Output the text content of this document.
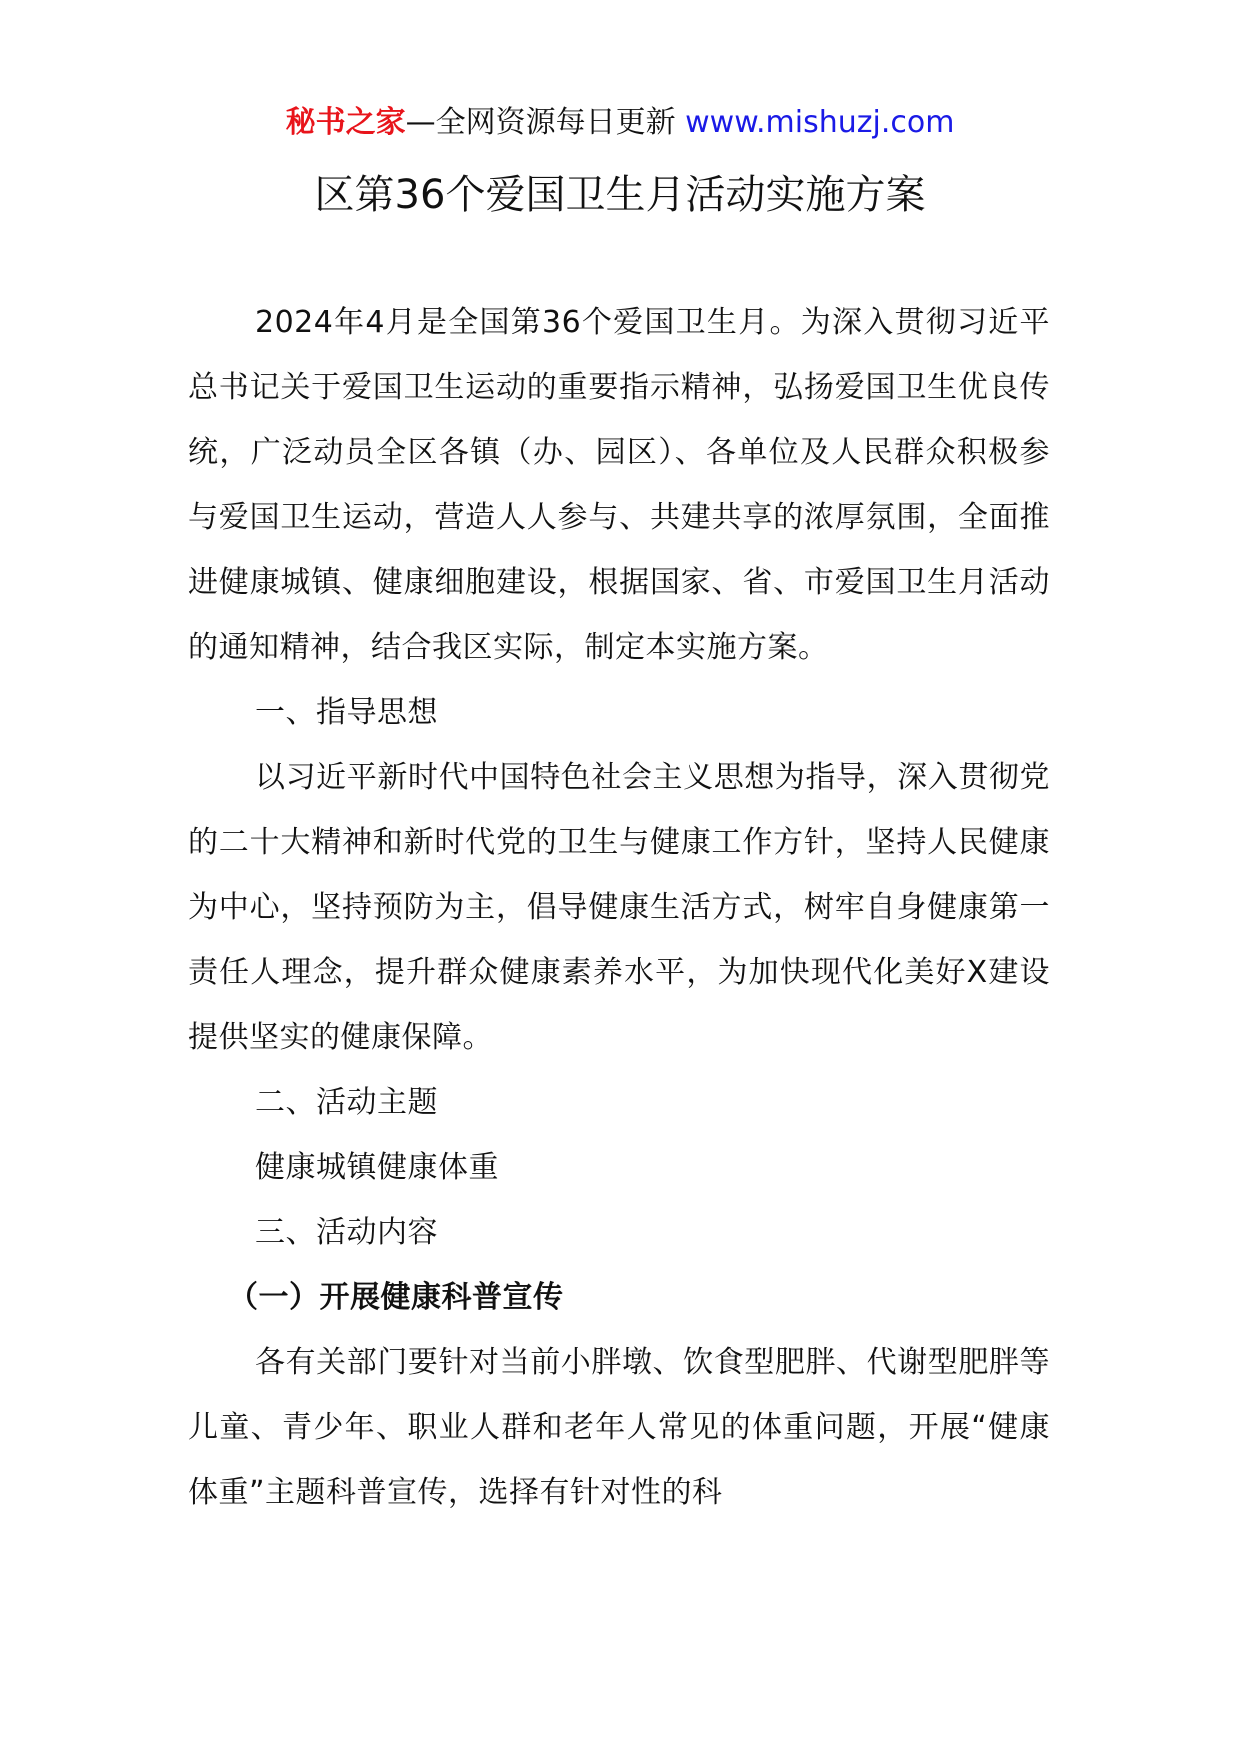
秘书之家—全网资源每日更新 www.mishuzj.com
区第36个爱国卫生月活动实施方案

2024年4月是全国第36个爱国卫生月。为深入贯彻习近平总书记关于爱国卫生运动的重要指示精神，弘扬爱国卫生优良传统，广泛动员全区各镇（办、园区）、各单位及人民群众积极参与爱国卫生运动，营造人人参与、共建共享的浓厚氛围，全面推进健康城镇、健康细胞建设，根据国家、省、市爱国卫生月活动的通知精神，结合我区实际，制定本实施方案。

一、指导思想

以习近平新时代中国特色社会主义思想为指导，深入贯彻党的二十大精神和新时代党的卫生与健康工作方针，坚持人民健康为中心，坚持预防为主，倡导健康生活方式，树牢自身健康第一责任人理念，提升群众健康素养水平，为加快现代化美好X建设提供坚实的健康保障。

二、活动主题

健康城镇健康体重

三、活动内容

（一）开展健康科普宣传

各有关部门要针对当前小胖墩、饮食型肥胖、代谢型肥胖等儿童、青少年、职业人群和老年人常见的体重问题，开展“健康体重”主题科普宣传，选择有针对性的科
